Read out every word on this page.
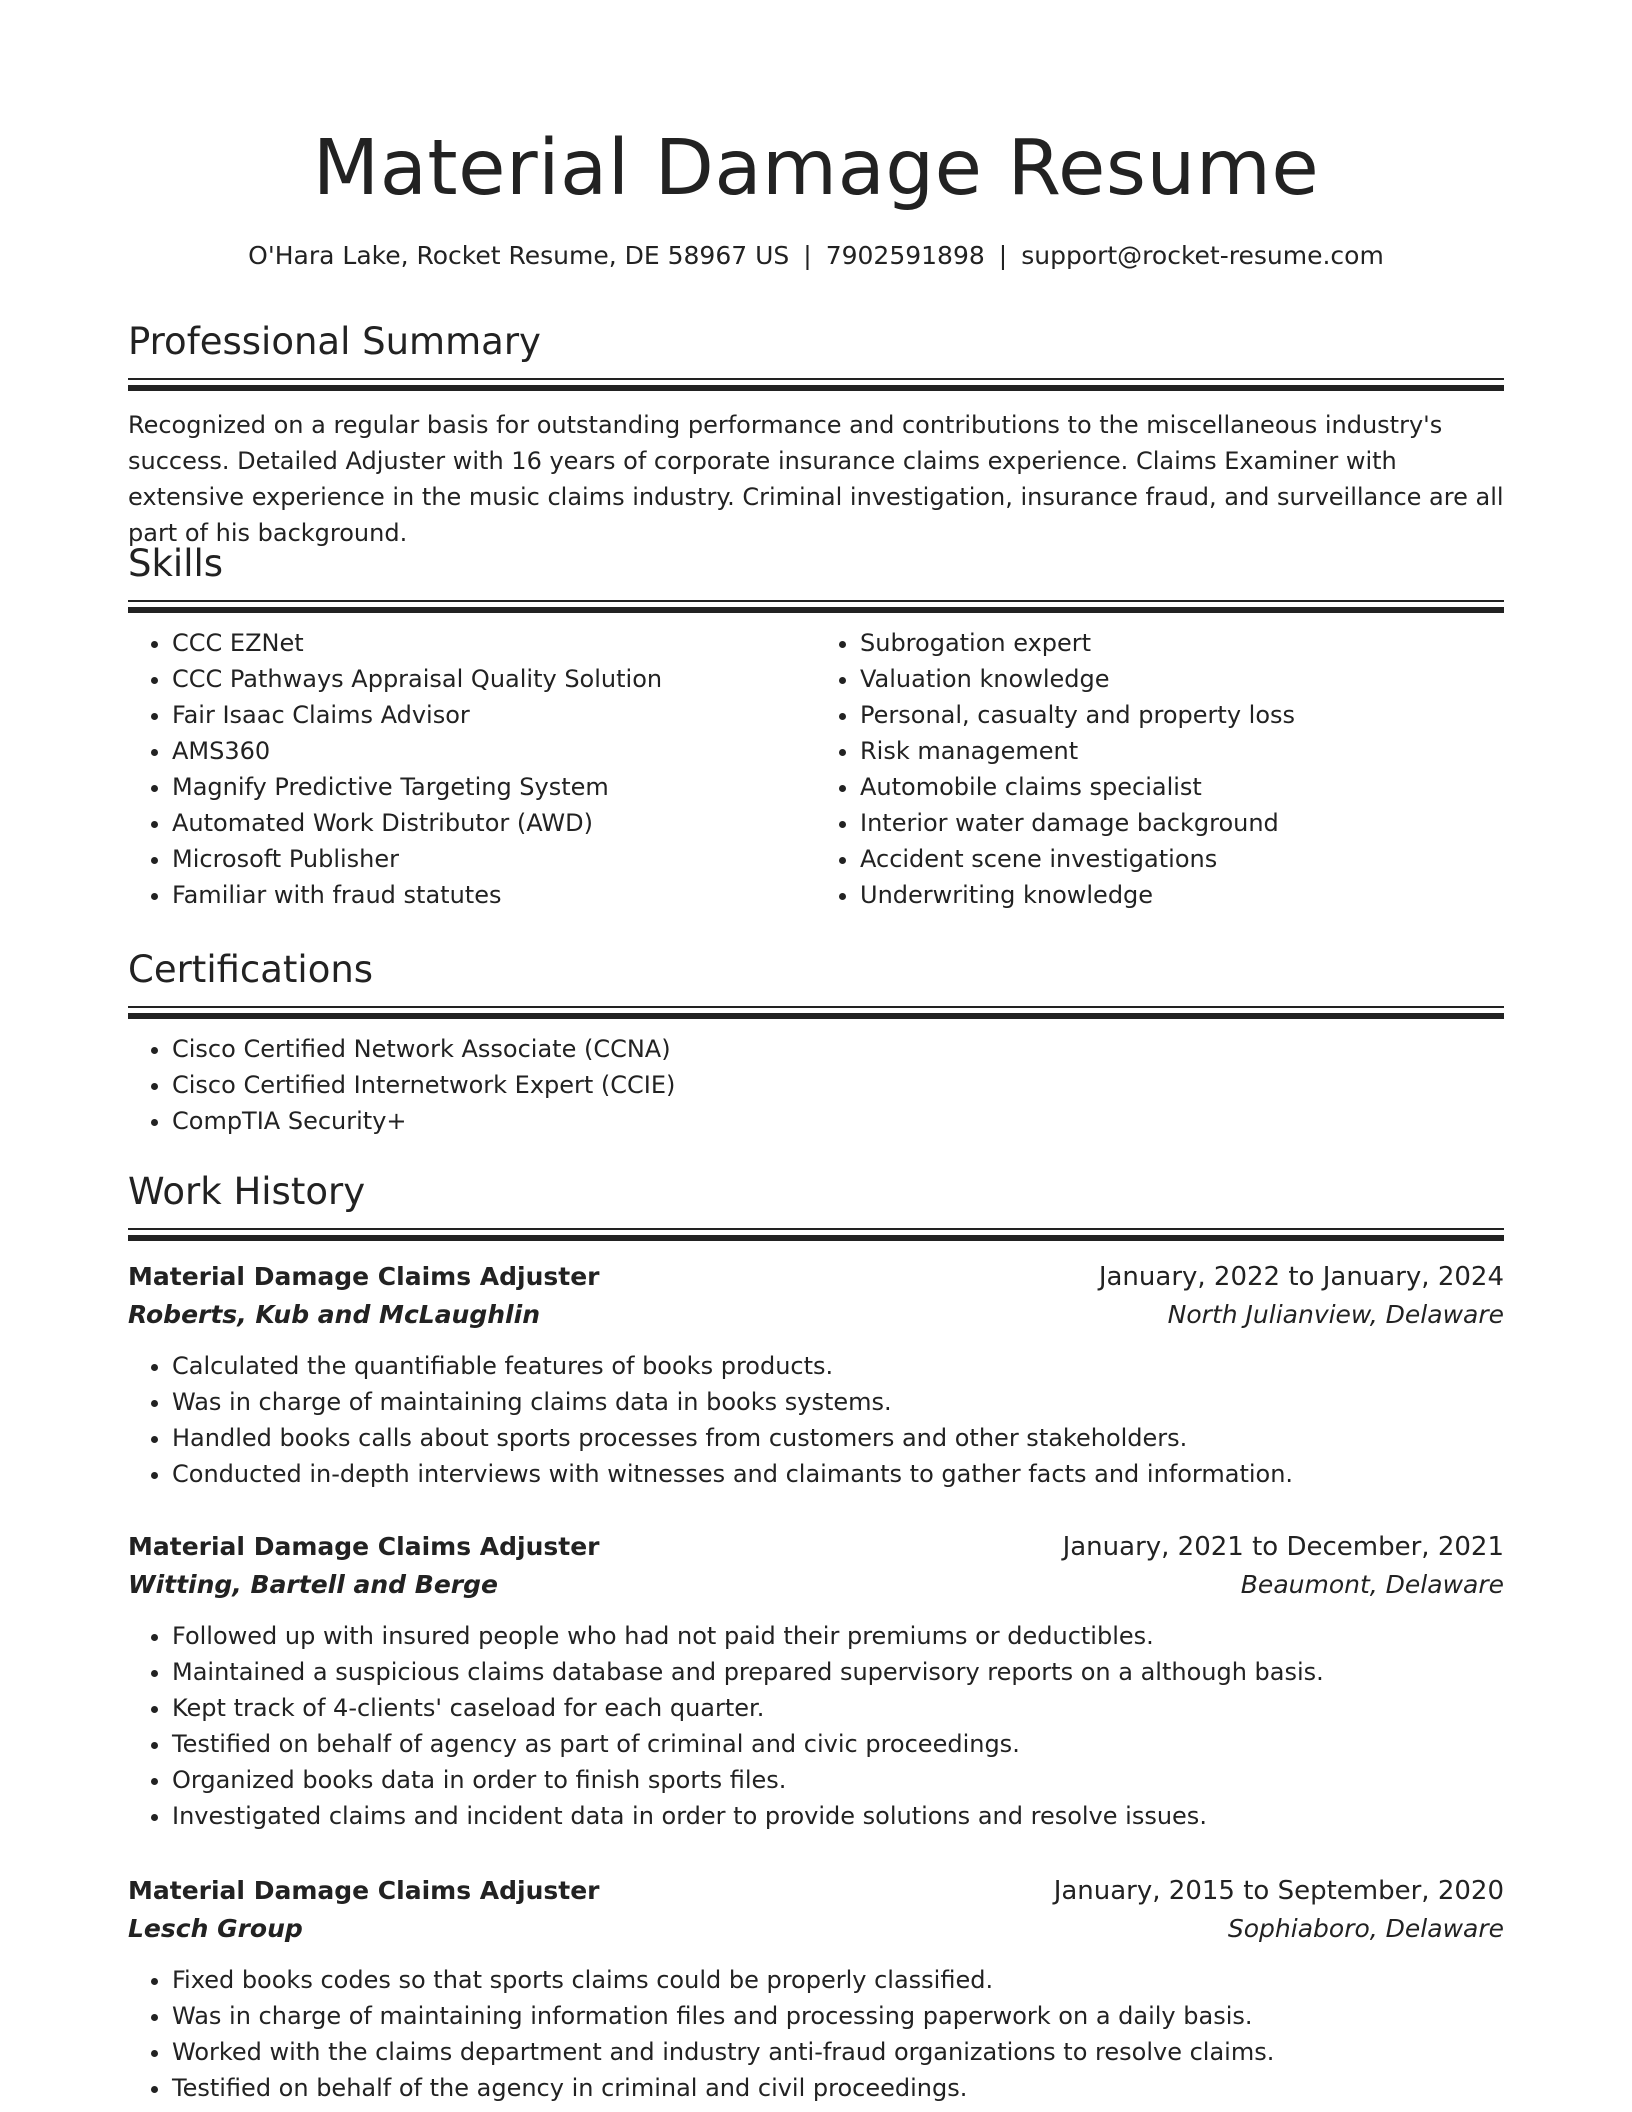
Material Damage Resume
O'Hara Lake, Rocket Resume, DE 58967 US | 7902591898 | support@rocket-resume.com
Professional Summary

Recognized on a regular basis for outstanding performance and contributions to the miscellaneous industry's success. Detailed Adjuster with 16 years of corporate insurance claims experience. Claims Examiner with extensive experience in the music claims industry. Criminal investigation, insurance fraud, and surveillance are all part of his background.

Skills
• CCC EZNet
• CCC Pathways Appraisal Quality Solution
• Fair Isaac Claims Advisor
• AMS360
• Magnify Predictive Targeting System
• Automated Work Distributor (AWD)
• Microsoft Publisher
• Familiar with fraud statutes
• Subrogation expert
• Valuation knowledge
• Personal, casualty and property loss
• Risk management
• Automobile claims specialist
• Interior water damage background
• Accident scene investigations
• Underwriting knowledge
Certifications
• Cisco Certified Network Associate (CCNA)
• Cisco Certified Internetwork Expert (CCIE)
• CompTIA Security+
Work History
Material Damage Claims Adjuster	January, 2022 to January, 2024
Roberts, Kub and McLaughlin	North Julianview, Delaware
• Calculated the quantifiable features of books products.
• Was in charge of maintaining claims data in books systems.
• Handled books calls about sports processes from customers and other stakeholders.
• Conducted in-depth interviews with witnesses and claimants to gather facts and information.
Material Damage Claims Adjuster	January, 2021 to December, 2021
Witting, Bartell and Berge	Beaumont, Delaware
• Followed up with insured people who had not paid their premiums or deductibles.
• Maintained a suspicious claims database and prepared supervisory reports on a although basis.
• Kept track of 4-clients' caseload for each quarter.
• Testified on behalf of agency as part of criminal and civic proceedings.
• Organized books data in order to finish sports files.
• Investigated claims and incident data in order to provide solutions and resolve issues.
Material Damage Claims Adjuster	January, 2015 to September, 2020
Lesch Group	Sophiaboro, Delaware
• Fixed books codes so that sports claims could be properly classified.
• Was in charge of maintaining information files and processing paperwork on a daily basis.
• Worked with the claims department and industry anti-fraud organizations to resolve claims.
• Testified on behalf of the agency in criminal and civil proceedings.
